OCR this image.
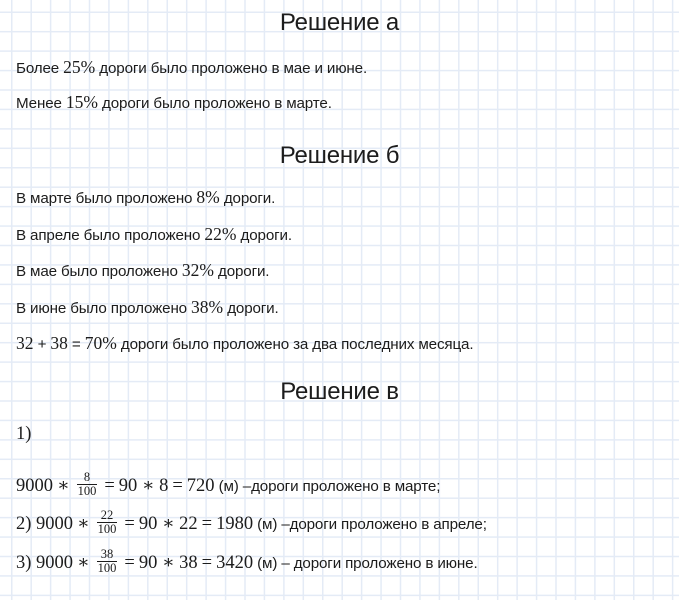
Решение а
Более 25% дороги было проложено в мае и июне.
Менее 15% дороги было проложено в марте.
Решение б
В марте было проложено 8% дороги.
В апреле было проложено 22% дороги.
В мае было проложено 32% дороги.
В июне было проложено 38% дороги.
32 + 38 = 70% дороги было проложено за два последних месяца.
Решение в
1)
9000 ∗ $\frac{8}{100} = 90$ ∗ 8 = 720 (м) –дороги проложено в марте;
2) 9000 ∗ $\frac{22}{100} = 90$ ∗ 22 = 1980 (м) –дороги проложено в апреле;
3) 9000 ∗ $\frac{38}{100} = 90$ ∗ 38 = 3420 (м) – дороги проложено в июне.
